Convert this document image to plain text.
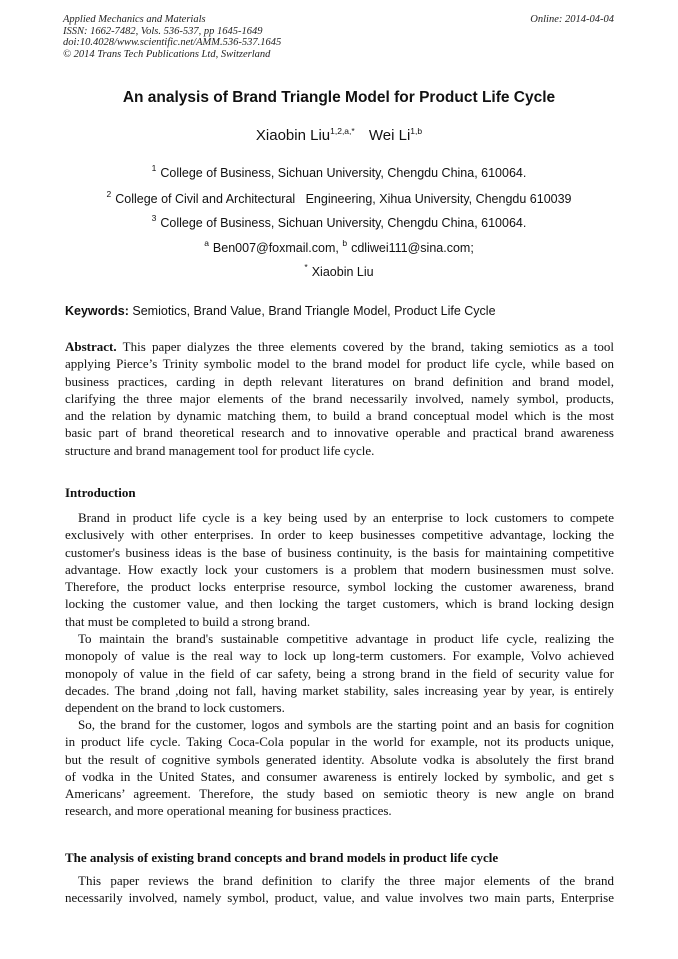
Applied Mechanics and Materials
ISSN: 1662-7482, Vols. 536-537, pp 1645-1649
doi:10.4028/www.scientific.net/AMM.536-537.1645
© 2014 Trans Tech Publications Ltd, Switzerland
Online: 2014-04-04
An analysis of Brand Triangle Model for Product Life Cycle
Xiaobin Liu$^{1,2,a,*}$ Wei Li$^{1,b}$
$^1$ College of Business, Sichuan University, Chengdu China, 610064.
$^2$ College of Civil and Architectural   Engineering, Xihua University, Chengdu 610039
$^3$ College of Business, Sichuan University, Chengdu China, 610064.
$^a$ Ben007@foxmail.com, $^b$ cdliwei111@sina.com;
* Xiaobin Liu
Keywords: Semiotics, Brand Value, Brand Triangle Model, Product Life Cycle
Abstract. This paper dialyzes the three elements covered by the brand, taking semiotics as a tool
applying Pierce’s Trinity symbolic model to the brand model for product life cycle, while based on
business practices, carding in depth relevant literatures on brand definition and brand model,
clarifying the three major elements of the brand necessarily involved, namely symbol, products,
and the relation by dynamic matching them, to build a brand conceptual model which is the most
basic part of brand theoretical research and to innovative operable and practical brand awareness
structure and brand management tool for product life cycle.
Introduction
Brand in product life cycle is a key being used by an enterprise to lock customers to compete
exclusively with other enterprises. In order to keep businesses competitive advantage, locking the
customer's business ideas is the base of business continuity, is the basis for maintaining competitive
advantage. How exactly lock your customers is a problem that modern businessmen must solve.
Therefore, the product locks enterprise resource, symbol locking the customer awareness, brand
locking the customer value, and then locking the target customers, which is brand locking design
that must be completed to build a strong brand.
To maintain the brand's sustainable competitive advantage in product life cycle, realizing the
monopoly of value is the real way to lock up long-term customers. For example, Volvo achieved
monopoly of value in the field of car safety, being a strong brand in the field of security value for
decades. The brand ,doing not fall, having market stability, sales increasing year by year, is entirely
dependent on the brand to lock customers.
So, the brand for the customer, logos and symbols are the starting point and an basis for cognition
in product life cycle. Taking Coca-Cola popular in the world for example, not its products unique,
but the result of cognitive symbols generated identity. Absolute vodka is absolutely the first brand
of vodka in the United States, and consumer awareness is entirely locked by symbolic, and get s
Americans’ agreement. Therefore, the study based on semiotic theory is new angle on brand
research, and more operational meaning for business practices.
The analysis of existing brand concepts and brand models in product life cycle
This paper reviews the brand definition to clarify the three major elements of the brand
necessarily involved, namely symbol, product, value, and value involves two main parts, Enterprise
